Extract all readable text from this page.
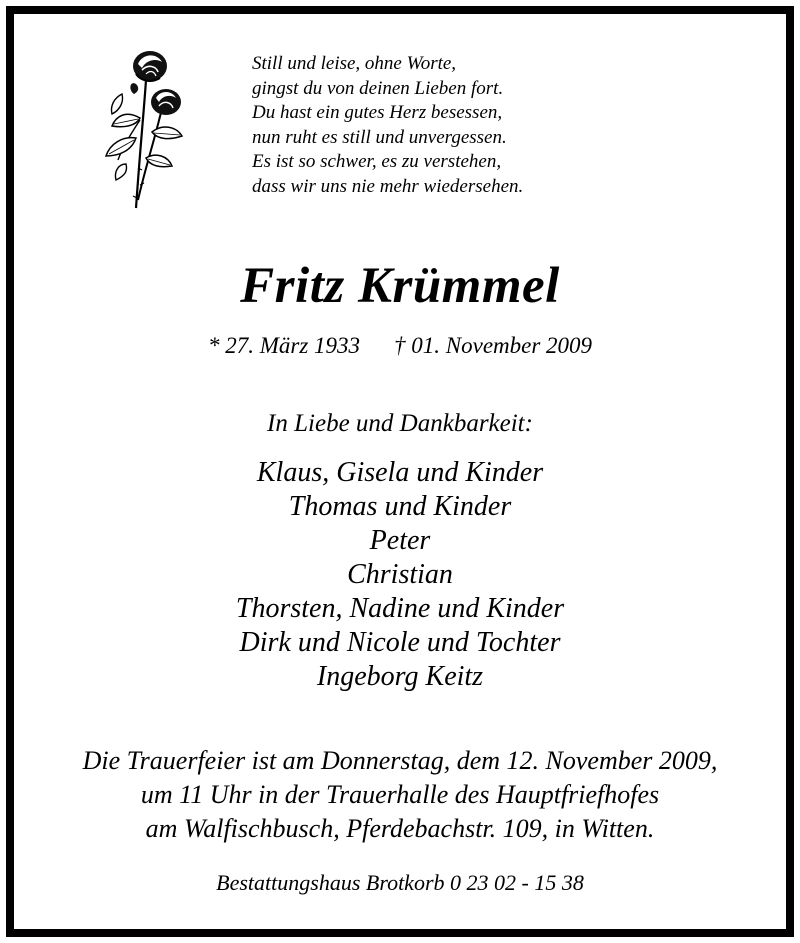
Still und leise, ohne Worte,
gingst du von deinen Lieben fort.
Du hast ein gutes Herz besessen,
nun ruht es still und unvergessen.
Es ist so schwer, es zu verstehen,
dass wir uns nie mehr wiedersehen.
Fritz Krümmel
* 27. März 1933 † 01. November 2009
In Liebe und Dankbarkeit:
Klaus, Gisela und Kinder
Thomas und Kinder
Peter
Christian
Thorsten, Nadine und Kinder
Dirk und Nicole und Tochter
Ingeborg Keitz
Die Trauerfeier ist am Donnerstag, dem 12. November 2009,
um 11 Uhr in der Trauerhalle des Hauptfriefhofes
am Walfischbusch, Pferdebachstr. 109, in Witten.
Bestattungshaus Brotkorb 0 23 02 - 15 38
